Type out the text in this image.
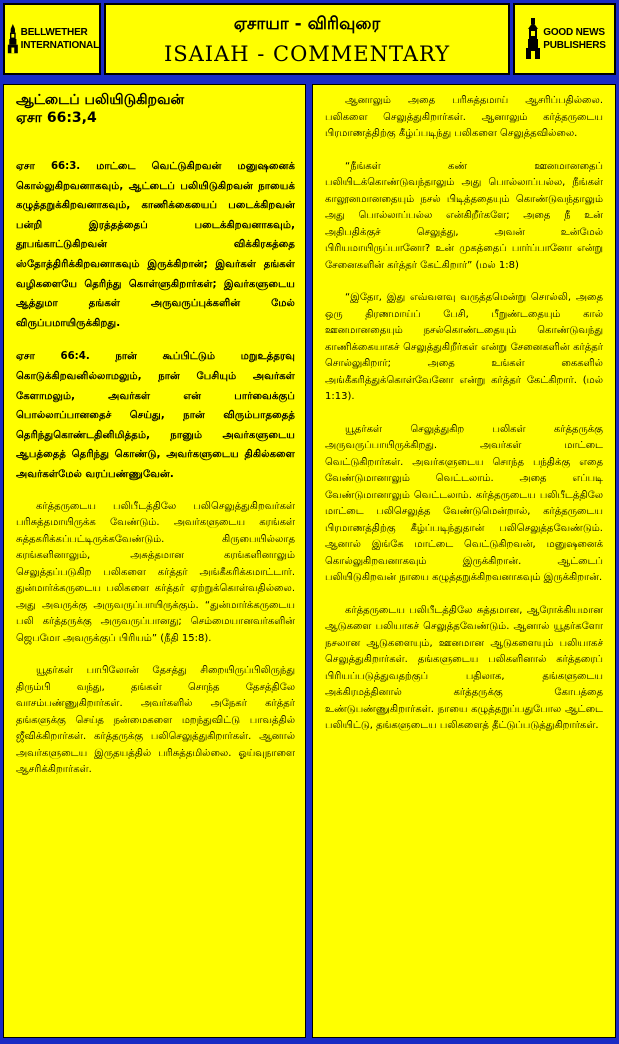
BELLWETHER
INTERNATIONAL
ஏசாயா - விரிவுரை
ISAIAH - COMMENTARY
GOOD NEWS
PUBLISHERS
ஆட்டைப் பலியிடுகிறவன்
ஏசா 66:3,4

ஏசா 66:3. மாட்டை வெட்டுகிறவன் மனுஷனைக் கொல்லுகிறவனாகவும், ஆட்டைப் பலியிடுகிறவன் நாயைக் கழுத்தறுக்கிறவனாகவும், காணிக்கையைப் படைக்கிறவன் பன்றி இரத்தத்தைப் படைக்கிறவனாகவும், தூபங்காட்டுகிறவன் விக்கிரகத்தை ஸ்தோத்திரிக்கிறவனாகவும் இருக்கிறான்; இவர்கள் தங்கள் வழிகளையே தெரிந்து கொள்ளுகிறார்கள்; இவர்களுடைய ஆத்துமா தங்கள் அருவருப்புக்களின் மேல் விருப்பமாயிருக்கிறது.

ஏசா 66:4. நான் கூப்பிட்டும் மறுஉத்தரவு கொடுக்கிறவனில்லாமலும், நான் பேசியும் அவர்கள் கேளாமலும், அவர்கள் என் பார்வைக்குப் பொல்லாப்பானதைச் செய்து, நான் விரும்பாததைத் தெரிந்துகொண்டதினிமித்தம், நானும் அவர்களுடைய ஆபத்தைத் தெரிந்து கொண்டு, அவர்களுடைய திகில்களை அவர்கள்மேல் வரப்பண்ணுவேன்.

கர்த்தருடைய பலிபீடத்திலே பலிசெலுத்துகிறவர்கள் பரிசுத்தமாயிருக்க வேண்டும். அவர்களுடைய கரங்கள் சுத்தகரிக்கப்பட்டிருக்கவேண்டும். கிருபையில்லாத கரங்களினாலும், அசுத்தமான கரங்களினாலும் செலுத்தப்படுகிற பலிகளை கர்த்தர் அங்கீகரிக்கமாட்டார். துன்மார்க்கருடைய பலிகளை கர்த்தர் ஏற்றுக்கொள்வதில்லை. அது அவருக்கு அருவருப்பாயிருக்கும். “துன்மார்க்கருடைய பலி கர்த்தருக்கு அருவருப்பானது; செம்மையானவர்களின் ஜெபமோ அவருக்குப் பிரியம்” (நீதி 15:8).

யூதர்கள் பாபிலோன் தேசத்து சிறையிருப்பிலிருந்து திரும்பி வந்து, தங்கள் சொந்த தேசத்திலே வாசம்பண்ணுகிறார்கள். அவர்களில் அநேகர் கர்த்தர் தங்களுக்கு செய்த நன்மைகளை மறந்துவிட்டு பாவத்தில் ஜீவிக்கிறார்கள். கர்த்தருக்கு பலிசெலுத்துகிறார்கள். ஆனால் அவர்களுடைய இருதயத்தில் பரிசுத்தமில்லை. ஓய்வுநாளை ஆசரிக்கிறார்கள்.

ஆனாலும் அதை பரிசுத்தமாய் ஆசரிப்பதில்லை. பலிகளை செலுத்துகிறார்கள். ஆனாலும் கர்த்தருடைய பிரமாணத்திற்கு கீழ்ப்படிந்து பலிகளை செலுத்தவில்லை.

“நீங்கள் கண் ஊனமானதைப் பலியிடக்கொண்டுவந்தாலும் அது பொல்லாப்பல்ல, நீங்கள் காலூனமானதையும் நசல் பிடித்ததையும் கொண்டுவந்தாலும் அது பொல்லாப்பல்ல என்கிறீர்களே; அதை நீ உன் அதிபதிக்குச் செலுத்து, அவன் உன்மேல் பிரியமாயிருப்பானோ? உன் முகத்தைப் பார்ப்பானோ என்று சேனைகளின் கர்த்தர் கேட்கிறார்” (மல் 1:8)

“இதோ, இது எவ்வளவு வருத்தமென்று சொல்லி, அதை ஒரு திரணமாய்ப் பேசி, பீறுண்டதையும் கால் ஊனமானதையும் நசல்கொண்டதையும் கொண்டுவந்து காணிக்கையாகச் செலுத்துகிறீர்கள் என்று சேனைகளின் கர்த்தர் சொல்லுகிறார்; அதை உங்கள் கைகளில் அங்கீகரித்துக்கொள்வேனோ என்று கர்த்தர் கேட்கிறார். (மல் 1:13).

யூதர்கள் செலுத்துகிற பலிகள் கர்த்தருக்கு அருவருப்பாயிருக்கிறது. அவர்கள் மாட்டை வெட்டுகிறார்கள். அவர்களுடைய சொந்த பந்திக்கு எதை வேண்டுமானாலும் வெட்டலாம். அதை எப்படி வேண்டுமானாலும் வெட்டலாம். கர்த்தருடைய பலிபீடத்திலே மாட்டை பலிசெலுத்த வேண்டுமென்றால், கர்த்தருடைய பிரமாணத்திற்கு கீழ்ப்படிந்துதான் பலிசெலுத்தவேண்டும். ஆனால் இங்கே மாட்டை வெட்டுகிறவன், மனுஷனைக் கொல்லுகிறவனாகவும் இருக்கிறான். ஆட்டைப் பலியிடுகிறவன் நாயை கழுத்தறுக்கிறவனாகவும் இருக்கிறான்.

கர்த்தருடைய பலிபீடத்திலே சுத்தமான, ஆரோக்கியமான ஆடுகளை பலியாகச் செலுத்தவேண்டும். ஆனால் யூதர்களோ நசலான ஆடுகளையும், ஊனமான ஆடுகளையும் பலியாகச் செலுத்துகிறார்கள். தங்களுடைய பலிகளினால் கர்த்தரைப் பிரியப்படுத்துவதற்குப் பதிலாக, தங்களுடைய அக்கிரமத்தினால் கர்த்தருக்கு கோபத்தை உண்டுபண்ணுகிறார்கள். நாயை கழுத்தறுப்பதுபோல ஆட்டை பலியிட்டு, தங்களுடைய பலிகளைத் தீட்டுப்படுத்துகிறார்கள்.
